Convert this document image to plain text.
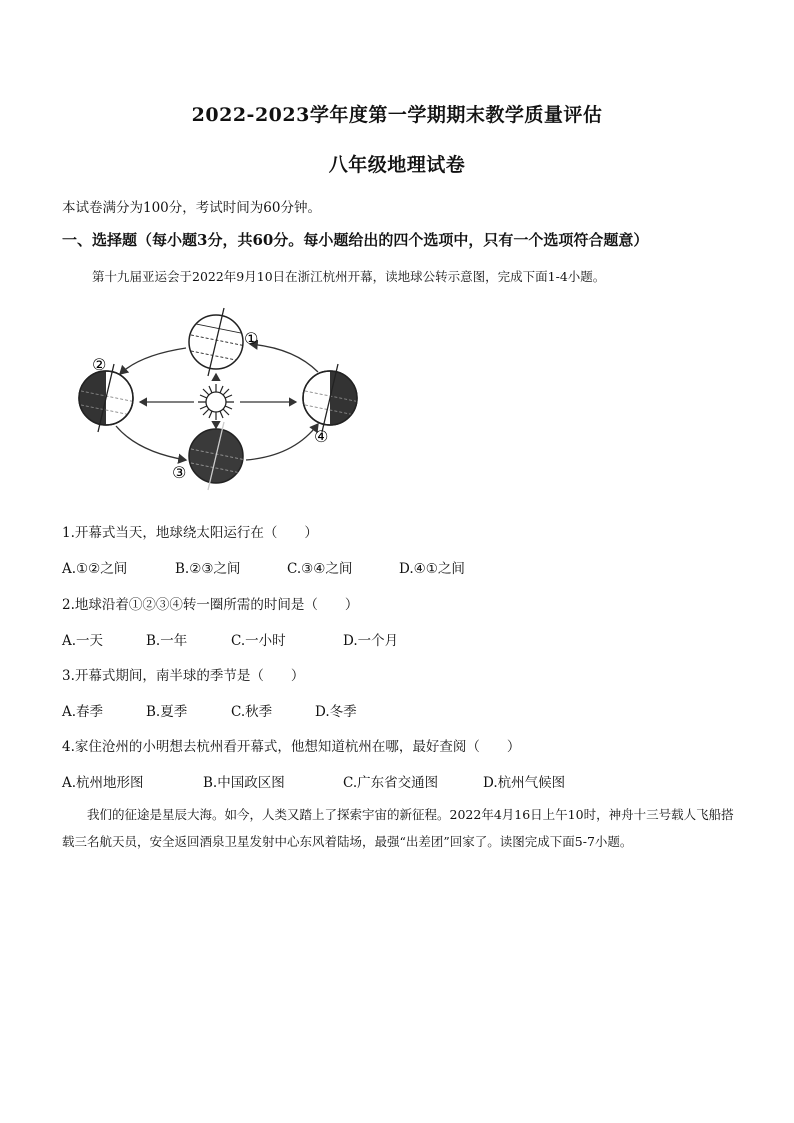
2022-2023学年度第一学期期末教学质量评估
八年级地理试卷
本试卷满分为100分，考试时间为60分钟。
一、选择题（每小题3分，共60分。每小题给出的四个选项中，只有一个选项符合题意）
第十九届亚运会于2022年9月10日在浙江杭州开幕，读地球公转示意图，完成下面1-4小题。
①
②
③
④
1.开幕式当天，地球绕太阳运行在（　　）
A.①②之间	B.②③之间	C.③④之间	D.④①之间
2.地球沿着①②③④转一圈所需的时间是（　　）
A.一天	B.一年	C.一小时	D.一个月
3.开幕式期间，南半球的季节是（　　）
A.春季	B.夏季	C.秋季	D.冬季
4.家住沧州的小明想去杭州看开幕式，他想知道杭州在哪，最好查阅（　　）
A.杭州地形图	B.中国政区图	C.广东省交通图	D.杭州气候图
我们的征途是星辰大海。如今，人类又踏上了探索宇宙的新征程。2022年4月16日上午10时，神舟十三号载人飞船搭载三名航天员，安全返回酒泉卫星发射中心东风着陆场，最强“出差团”回家了。读图完成下面5-7小题。
